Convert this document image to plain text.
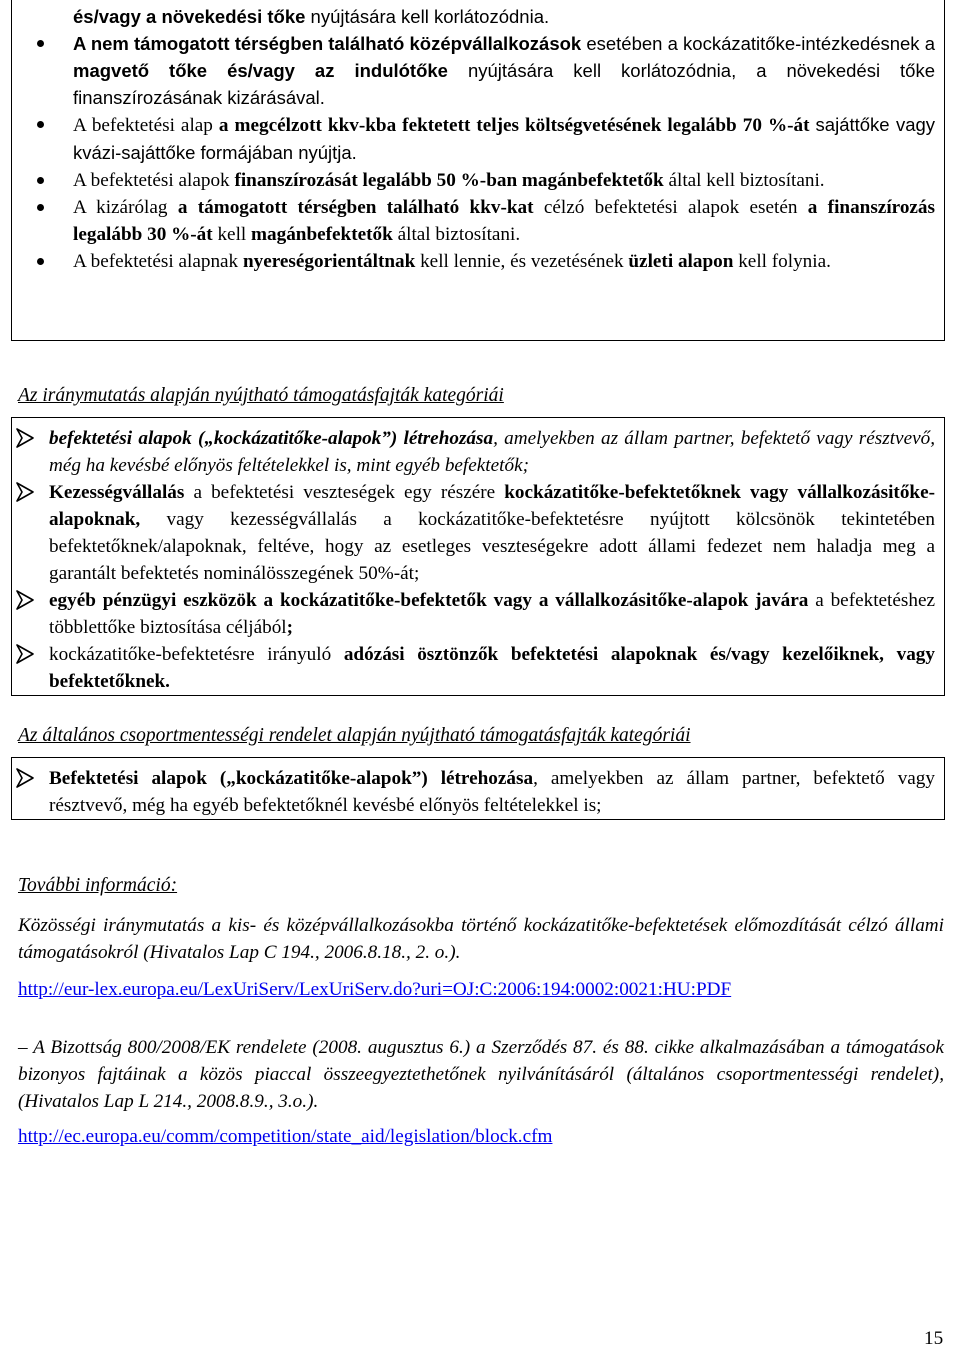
és/vagy a növekedési tőke nyújtására kell korlátozódnia.
A nem támogatott térségben található középvállalkozások esetében a kockázatitőke-intézkedésnek a magvető tőke és/vagy az indulótőke nyújtására kell korlátozódnia, a növekedési tőke finanszírozásának kizárásával.
A befektetési alap a megcélzott kkv-kba fektetett teljes költségvetésének legalább 70 %-át sajáttőke vagy kvázi-sajáttőke formájában nyújtja.
A befektetési alapok finanszírozását legalább 50 %-ban magánbefektetők által kell biztosítani.
A kizárólag a támogatott térségben található kkv-kat célzó befektetési alapok esetén a finanszírozás legalább 30 %-át kell magánbefektetők által biztosítani.
A befektetési alapnak nyereségorientáltnak kell lennie, és vezetésének üzleti alapon kell folynia.
Az iránymutatás alapján nyújtható támogatásfajták kategóriái
befektetési alapok („kockázatitőke-alapok”) létrehozása, amelyekben az állam partner, befektető vagy résztvevő, még ha kevésbé előnyös feltételekkel is, mint egyéb befektetők;
Kezességvállalás a befektetési veszteségek egy részére kockázatitőke-befektetőknek vagy vállalkozásitőke-alapoknak, vagy kezességvállalás a kockázatitőke-befektetésre nyújtott kölcsönök tekintetében befektetőknek/alapoknak, feltéve, hogy az esetleges veszteségekre adott állami fedezet nem haladja meg a garantált befektetés nominálösszegének 50%-át;
egyéb pénzügyi eszközök a kockázatitőke-befektetők vagy a vállalkozásitőke-alapok javára a befektetéshez többlettőke biztosítása céljából;
kockázatitőke-befektetésre irányuló adózási ösztönzők befektetési alapoknak és/vagy kezelőiknek, vagy befektetőknek.
Az általános csoportmentességi rendelet alapján nyújtható támogatásfajták kategóriái
Befektetési alapok („kockázatitőke-alapok”) létrehozása, amelyekben az állam partner, befektető vagy résztvevő, még ha egyéb befektetőknél kevésbé előnyös feltételekkel is;
További információ:

Közösségi iránymutatás a kis- és középvállalkozásokba történő kockázatitőke-befektetések előmozdítását célzó állami támogatásokról (Hivatalos Lap C 194., 2006.8.18., 2. o.).

http://eur-lex.europa.eu/LexUriServ/LexUriServ.do?uri=OJ:C:2006:194:0002:0021:HU:PDF

– A Bizottság 800/2008/EK rendelete (2008. augusztus 6.) a Szerződés 87. és 88. cikke alkalmazásában a támogatások bizonyos fajtáinak a közös piaccal összeegyeztethetőnek nyilvánításáról (általános csoportmentességi rendelet), (Hivatalos Lap L 214., 2008.8.9., 3.o.).

http://ec.europa.eu/comm/competition/state_aid/legislation/block.cfm
15
